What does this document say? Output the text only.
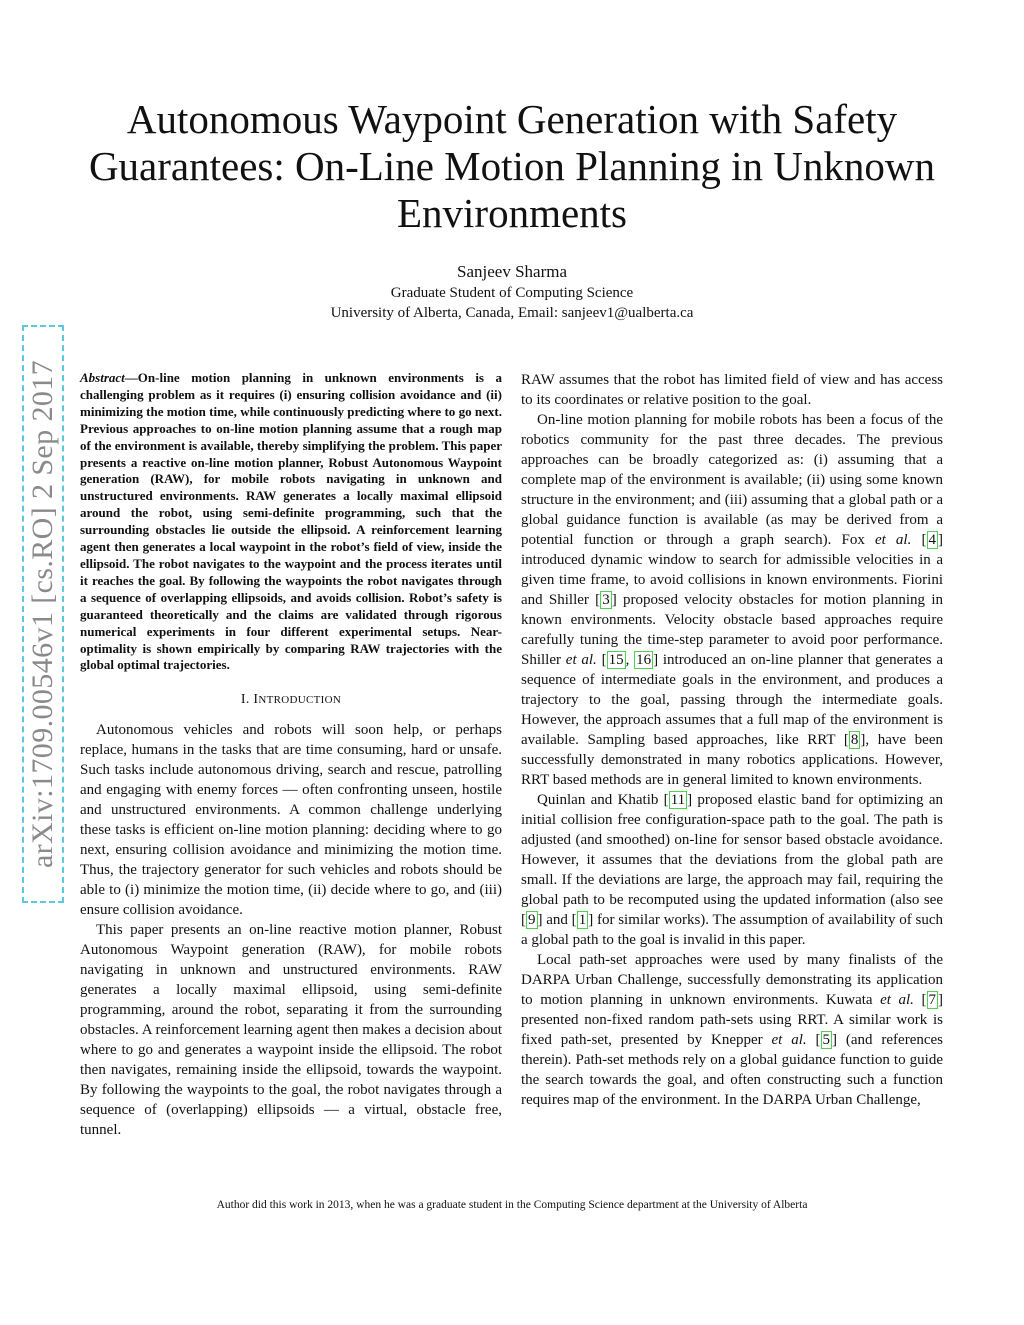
arXiv:1709.00546v1 [cs.RO] 2 Sep 2017
Autonomous Waypoint Generation with Safety Guarantees: On-Line Motion Planning in Unknown Environments
Sanjeev Sharma
Graduate Student of Computing Science
University of Alberta, Canada, Email: sanjeev1@ualberta.ca

Abstract—On-line motion planning in unknown environments is a challenging problem as it requires (i) ensuring collision avoidance and (ii) minimizing the motion time, while continuously predicting where to go next. Previous approaches to on-line motion planning assume that a rough map of the environment is available, thereby simplifying the problem. This paper presents a reactive on-line motion planner, Robust Autonomous Waypoint generation (RAW), for mobile robots navigating in unknown and unstructured environments. RAW generates a locally maximal ellipsoid around the robot, using semi-definite programming, such that the surrounding obstacles lie outside the ellipsoid. A reinforcement learning agent then generates a local waypoint in the robot’s field of view, inside the ellipsoid. The robot navigates to the waypoint and the process iterates until it reaches the goal. By following the waypoints the robot navigates through a sequence of overlapping ellipsoids, and avoids collision. Robot’s safety is guaranteed theoretically and the claims are validated through rigorous numerical experiments in four different experimental setups. Near-optimality is shown empirically by comparing RAW trajectories with the global optimal trajectories.

I. INTRODUCTION

Autonomous vehicles and robots will soon help, or perhaps replace, humans in the tasks that are time consuming, hard or unsafe. Such tasks include autonomous driving, search and rescue, patrolling and engaging with enemy forces — often confronting unseen, hostile and unstructured environments. A common challenge underlying these tasks is efficient on-line motion planning: deciding where to go next, ensuring collision avoidance and minimizing the motion time. Thus, the trajectory generator for such vehicles and robots should be able to (i) minimize the motion time, (ii) decide where to go, and (iii) ensure collision avoidance.

This paper presents an on-line reactive motion planner, Robust Autonomous Waypoint generation (RAW), for mobile robots navigating in unknown and unstructured environments. RAW generates a locally maximal ellipsoid, using semi-definite programming, around the robot, separating it from the surrounding obstacles. A reinforcement learning agent then makes a decision about where to go and generates a waypoint inside the ellipsoid. The robot then navigates, remaining inside the ellipsoid, towards the waypoint. By following the waypoints to the goal, the robot navigates through a sequence of (overlapping) ellipsoids — a virtual, obstacle free, tunnel.

RAW assumes that the robot has limited field of view and has access to its coordinates or relative position to the goal.

On-line motion planning for mobile robots has been a focus of the robotics community for the past three decades. The previous approaches can be broadly categorized as: (i) assuming that a complete map of the environment is available; (ii) using some known structure in the environment; and (iii) assuming that a global path or a global guidance function is available (as may be derived from a potential function or through a graph search). Fox et al. [ 4 ] introduced dynamic window to search for admissible velocities in a given time frame, to avoid collisions in known environments. Fiorini and Shiller [ 3 ] proposed velocity obstacles for motion planning in known environments. Velocity obstacle based approaches require carefully tuning the time-step parameter to avoid poor performance. Shiller et al. [ 15 , 16 ] introduced an on-line planner that generates a sequence of intermediate goals in the environment, and produces a trajectory to the goal, passing through the intermediate goals. However, the approach assumes that a full map of the environment is available. Sampling based approaches, like RRT [ 8 ], have been successfully demonstrated in many robotics applications. However, RRT based methods are in general limited to known environments.

Quinlan and Khatib [ 11 ] proposed elastic band for optimizing an initial collision free configuration-space path to the goal. The path is adjusted (and smoothed) on-line for sensor based obstacle avoidance. However, it assumes that the deviations from the global path are small. If the deviations are large, the approach may fail, requiring the global path to be recomputed using the updated information (also see [ 9 ] and [ 1 ] for similar works). The assumption of availability of such a global path to the goal is invalid in this paper.

Local path-set approaches were used by many finalists of the DARPA Urban Challenge, successfully demonstrating its application to motion planning in unknown environments. Kuwata et al. [ 7 ] presented non-fixed random path-sets using RRT. A similar work is fixed path-set, presented by Knepper et al. [ 5 ] (and references therein). Path-set methods rely on a global guidance function to guide the search towards the goal, and often constructing such a function requires map of the environment. In the DARPA Urban Challenge,

Author did this work in 2013, when he was a graduate student in the Computing Science department at the University of Alberta
